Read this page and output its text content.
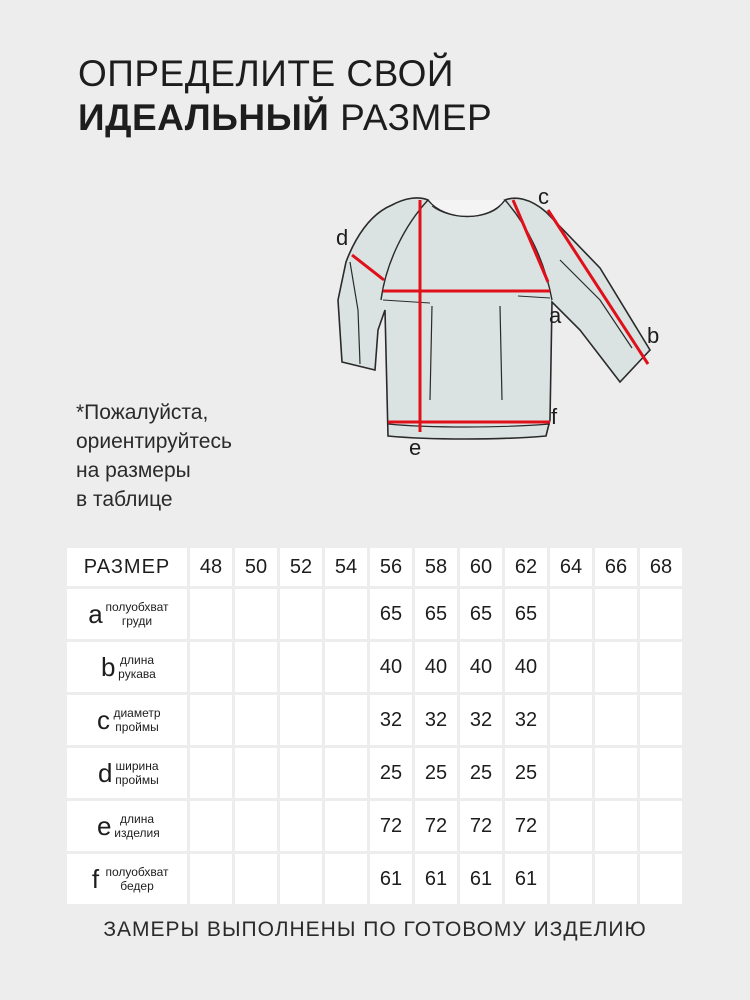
ОПРЕДЕЛИТЕ СВОЙ
ИДЕАЛЬНЫЙ РАЗМЕР
*Пожалуйста,
ориентируйтесь
на размеры
в таблице
d
c
a
b
f
e
РАЗМЕР	48	50	52	54	56	58	60	62	64	66	68
a полуобхват
груди					65	65	65	65			
b длина
рукава					40	40	40	40			
c диаметр
проймы					32	32	32	32			
d ширина
проймы					25	25	25	25			
e длина
изделия					72	72	72	72			
f полуобхват
бедер					61	61	61	61			
ЗАМЕРЫ ВЫПОЛНЕНЫ ПО ГОТОВОМУ ИЗДЕЛИЮ
